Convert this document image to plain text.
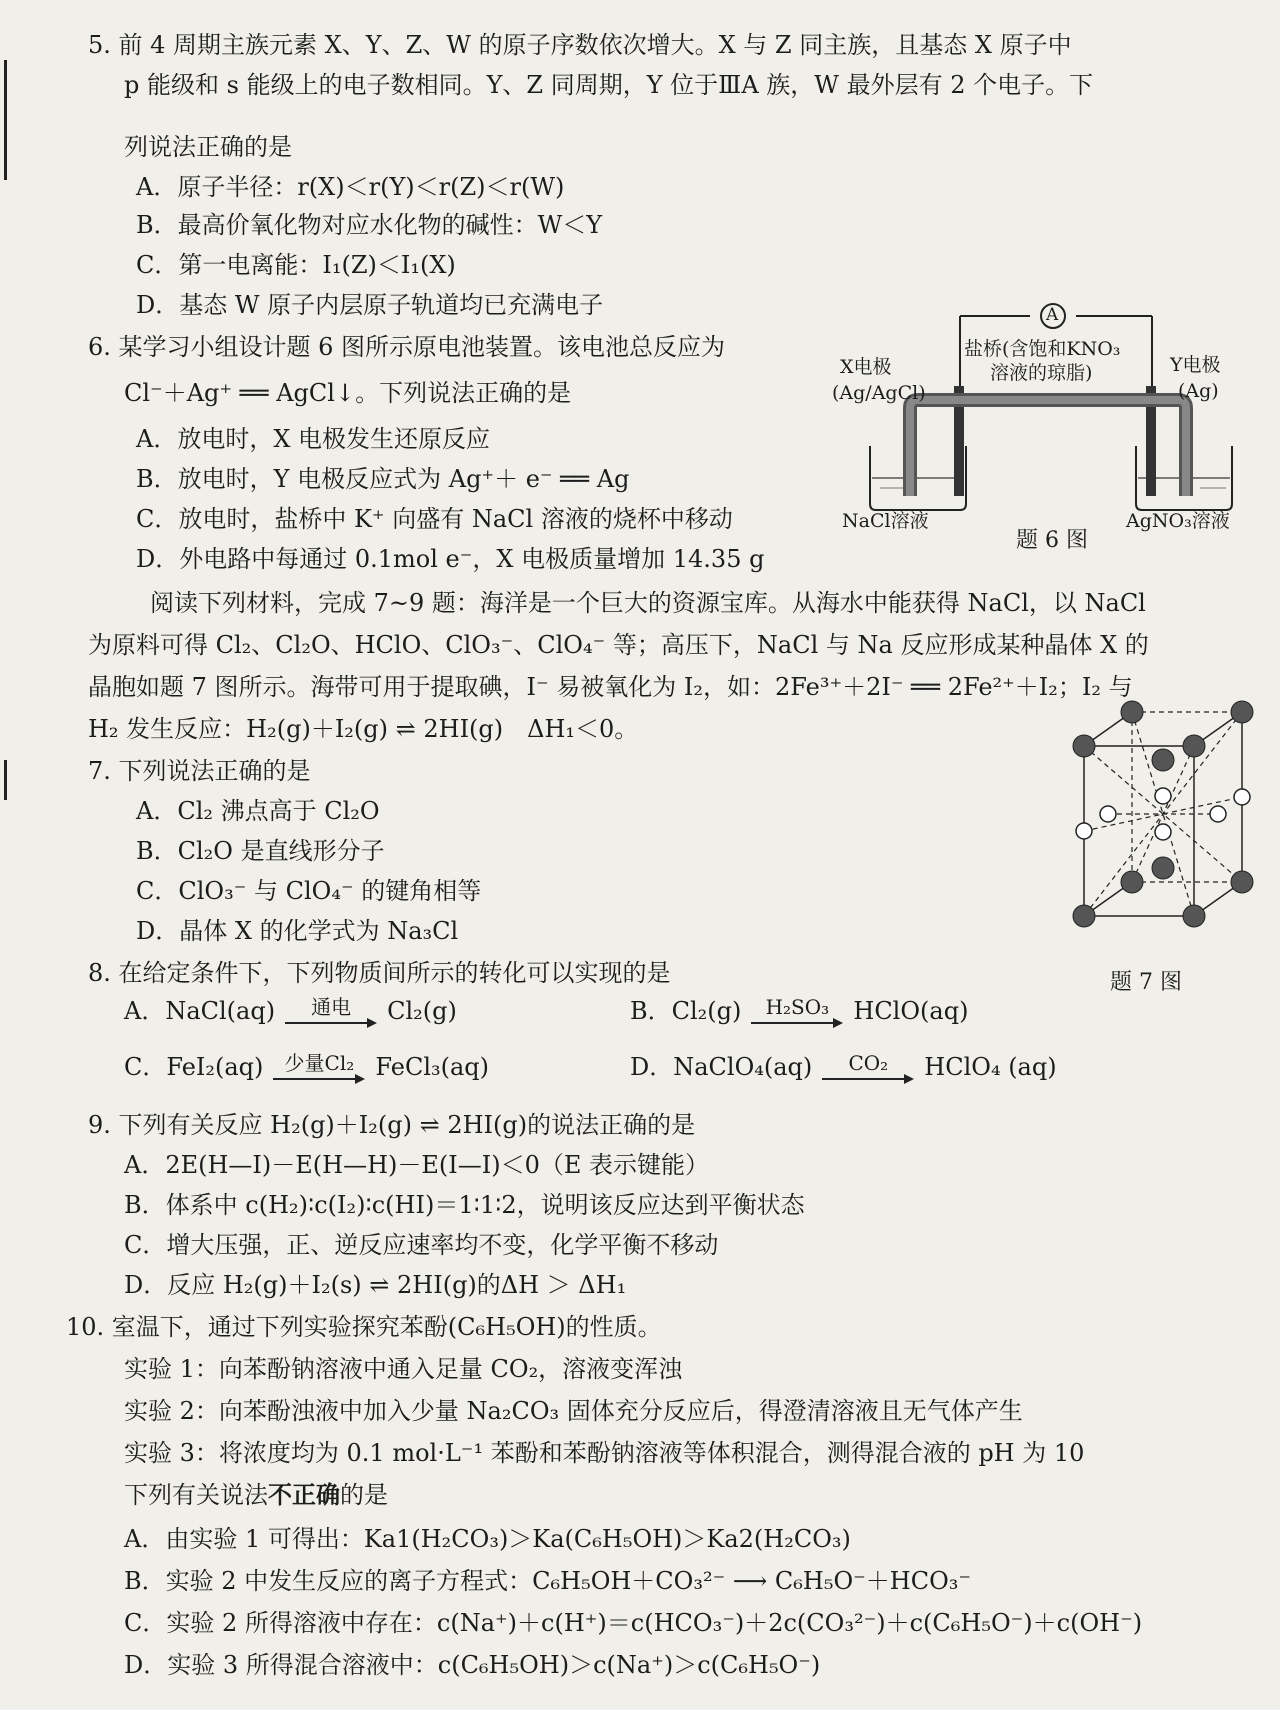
5. 前 4 周期主族元素 X、Y、Z、W 的原子序数依次增大。X 与 Z 同主族，且基态 X 原子中
p 能级和 s 能级上的电子数相同。Y、Z 同周期，Y 位于ⅢA 族，W 最外层有 2 个电子。下
列说法正确的是
A．原子半径：r(X)＜r(Y)＜r(Z)＜r(W)
B．最高价氧化物对应水化物的碱性：W＜Y
C．第一电离能：I₁(Z)＜I₁(X)
D．基态 W 原子内层原子轨道均已充满电子
6. 某学习小组设计题 6 图所示原电池装置。该电池总反应为
Cl⁻＋Ag⁺ ══ AgCl↓。下列说法正确的是
A．放电时，X 电极发生还原反应
B．放电时，Y 电极反应式为 Ag⁺＋ e⁻ ══ Ag
C．放电时，盐桥中 K⁺ 向盛有 NaCl 溶液的烧杯中移动
D．外电路中每通过 0.1mol e⁻，X 电极质量增加 14.35 g
A
盐桥(含饱和KNO₃
溶液的琼脂)
X电极
(Ag/AgCl)
Y电极
(Ag)
NaCl溶液	AgNO₃溶液
题 6 图
阅读下列材料，完成 7~9 题：海洋是一个巨大的资源宝库。从海水中能获得 NaCl，以 NaCl
为原料可得 Cl₂、Cl₂O、HClO、ClO₃⁻、ClO₄⁻ 等；高压下，NaCl 与 Na 反应形成某种晶体 X 的
晶胞如题 7 图所示。海带可用于提取碘，I⁻ 易被氧化为 I₂，如：2Fe³⁺＋2I⁻ ══ 2Fe²⁺＋I₂；I₂ 与
H₂ 发生反应：H₂(g)＋I₂(g) ⇌ 2HI(g)　ΔH₁＜0。
题 7 图
7. 下列说法正确的是
A．Cl₂ 沸点高于 Cl₂O
B．Cl₂O 是直线形分子
C．ClO₃⁻ 与 ClO₄⁻ 的键角相等
D．晶体 X 的化学式为 Na₃Cl
8. 在给定条件下，下列物质间所示的转化可以实现的是
A．NaCl(aq)	通电	Cl₂(g)	B．Cl₂(g)	H₂SO₃	HClO(aq)
C．FeI₂(aq)	少量Cl₂ FeCl₃(aq)	D．NaClO₄(aq)	CO₂	HClO₄ (aq)
9. 下列有关反应 H₂(g)＋I₂(g) ⇌ 2HI(g)的说法正确的是
A．2E(H—I)－E(H—H)－E(I—I)＜0（E 表示键能）
B．体系中 c(H₂)∶c(I₂)∶c(HI)＝1∶1∶2，说明该反应达到平衡状态
C．增大压强，正、逆反应速率均不变，化学平衡不移动
D．反应 H₂(g)＋I₂(s) ⇌ 2HI(g)的ΔH ＞ ΔH₁
10. 室温下，通过下列实验探究苯酚(C₆H₅OH)的性质。
实验 1：向苯酚钠溶液中通入足量 CO₂，溶液变浑浊
实验 2：向苯酚浊液中加入少量 Na₂CO₃ 固体充分反应后，得澄清溶液且无气体产生
实验 3：将浓度均为 0.1 mol·L⁻¹ 苯酚和苯酚钠溶液等体积混合，测得混合液的 pH 为 10
下列有关说法不正确的是
A．由实验 1 可得出：Ka1(H₂CO₃)＞Ka(C₆H₅OH)＞Ka2(H₂CO₃)
B．实验 2 中发生反应的离子方程式：C₆H₅OH＋CO₃²⁻ ⟶ C₆H₅O⁻＋HCO₃⁻
C．实验 2 所得溶液中存在：c(Na⁺)＋c(H⁺)＝c(HCO₃⁻)＋2c(CO₃²⁻)＋c(C₆H₅O⁻)＋c(OH⁻)
D．实验 3 所得混合溶液中：c(C₆H₅OH)＞c(Na⁺)＞c(C₆H₅O⁻)
